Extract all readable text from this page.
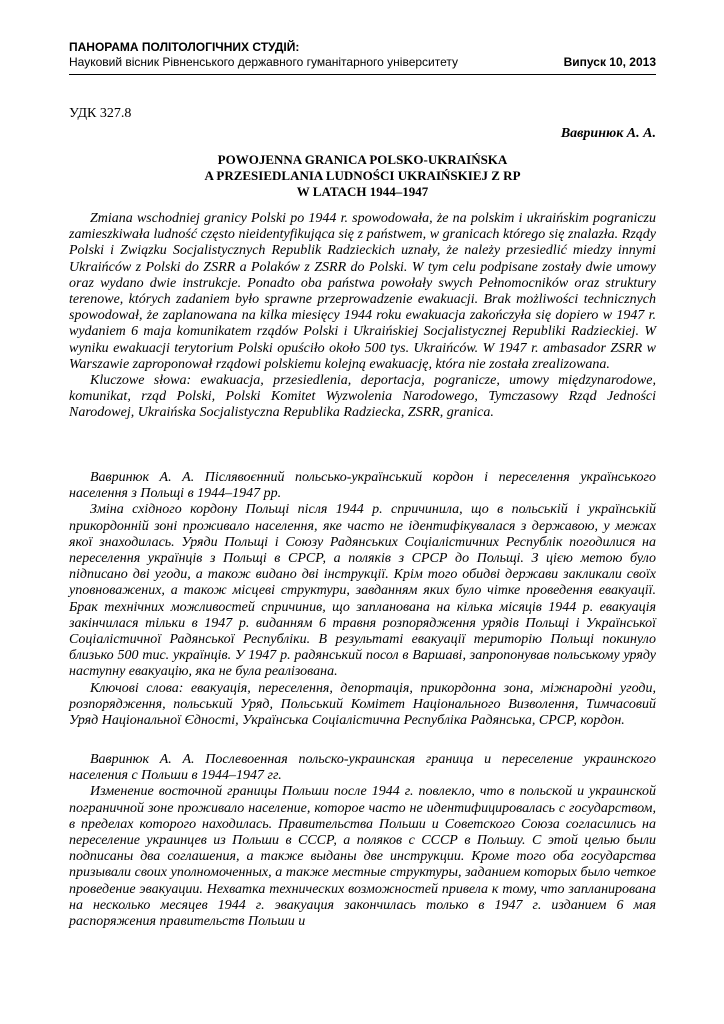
ПАНОРАМА ПОЛІТОЛОГІЧНИХ СТУДІЙ:
Науковий вісник Рівненського державного гуманітарного університету	Випуск 10, 2013
УДК 327.8
Вавринюк А. А.
POWOJENNA GRANICA POLSKO-UKRAIŃSKA
A PRZESIEDLANIA LUDNOŚCI UKRAIŃSKIEJ Z RP
W LATACH 1944–1947

Zmiana wschodniej granicy Polski po 1944 r. spowodowała, że na polskim i ukraińskim pograniczu zamieszkiwała ludność często nieidentyfikująca się z państwem, w granicach którego się znalazła. Rządy Polski i Związku Socjalistycznych Republik Radzieckich uznały, że należy przesiedlić miedzy innymi Ukraińców z Polski do ZSRR a Polaków z ZSRR do Polski. W tym celu podpisane zostały dwie umowy oraz wydano dwie instrukcje. Ponadto oba państwa powołały swych Pełnomocników oraz struktury terenowe, których zadaniem było sprawne przeprowadzenie ewakuacji. Brak możliwości technicznych spowodował, że zaplanowana na kilka miesięcy 1944 roku ewakuacja zakończyła się dopiero w 1947 r. wydaniem 6 maja komunikatem rządów Polski i Ukraińskiej Socjalistycznej Republiki Radzieckiej. W wyniku ewakuacji terytorium Polski opuściło około 500 tys. Ukraińców. W 1947 r. ambasador ZSRR w Warszawie zaproponował rządowi polskiemu kolejną ewakuację, która nie została zrealizowana.

Kluczowe słowa: ewakuacja, przesiedlenia, deportacja, pogranicze, umowy międzynarodowe, komunikat, rząd Polski, Polski Komitet Wyzwolenia Narodowego, Tymczasowy Rząd Jedności Narodowej, Ukraińska Socjalistyczna Republika Radziecka, ZSRR, granica.

Вавринюк А. А. Післявоєнний польсько-український кордон і переселення українського населення з Польщі в 1944–1947 рр.

Зміна східного кордону Польщі після 1944 р. спричинила, що в польській і українській прикордонній зоні проживало населення, яке часто не ідентифікувалася з державою, у межах якої знаходилась. Уряди Польщі і Союзу Радянських Соціалістичних Республік погодилися на переселення українців з Польщі в СРСР, а поляків з СРСР до Польщі. З цією метою було підписано дві угоди, а також видано дві інструкції. Крім того обидві держави закликали своїх уповноважених, а також місцеві структури, завданням яких було чітке проведення евакуації. Брак технічних можливостей спричинив, що запланована на кілька місяців 1944 р. евакуація закінчилася тільки в 1947 р. виданням 6 травня розпорядження урядів Польщі і Української Соціалістичної Радянської Республіки. В результаті евакуації територію Польщі покинуло близько 500 тис. українців. У 1947 р. радянський посол в Варшаві, запропонував польському уряду наступну евакуацію, яка не була реалізована.

Ключові слова: евакуація, переселення, депортація, прикордонна зона, міжнародні угоди, розпорядження, польський Уряд, Польський Комітет Національного Визволення, Тимчасовий Уряд Національної Єдності, Українська Соціалістична Республіка Радянська, СРСР, кордон.

Вавринюк А. А. Послевоенная польско-украинская граница и переселение украинского населения с Польши в 1944–1947 гг.

Изменение восточной границы Польши после 1944 г. повлекло, что в польской и украинской пограничной зоне проживало население, которое часто не идентифицировалась с государством, в пределах которого находилась. Правительства Польши и Советского Союза согласились на переселение украинцев из Польши в СССР, а поляков с СССР в Польшу. С этой целью были подписаны два соглашения, а также выданы две инструкции. Кроме того оба государства призывали своих уполномоченных, а также местные структуры, заданием которых было четкое проведение эвакуации. Нехватка технических возможностей привела к тому, что запланирована на несколько месяцев 1944 г. эвакуация закончилась только в 1947 г. изданием 6 мая распоряжения правительств Польши и
